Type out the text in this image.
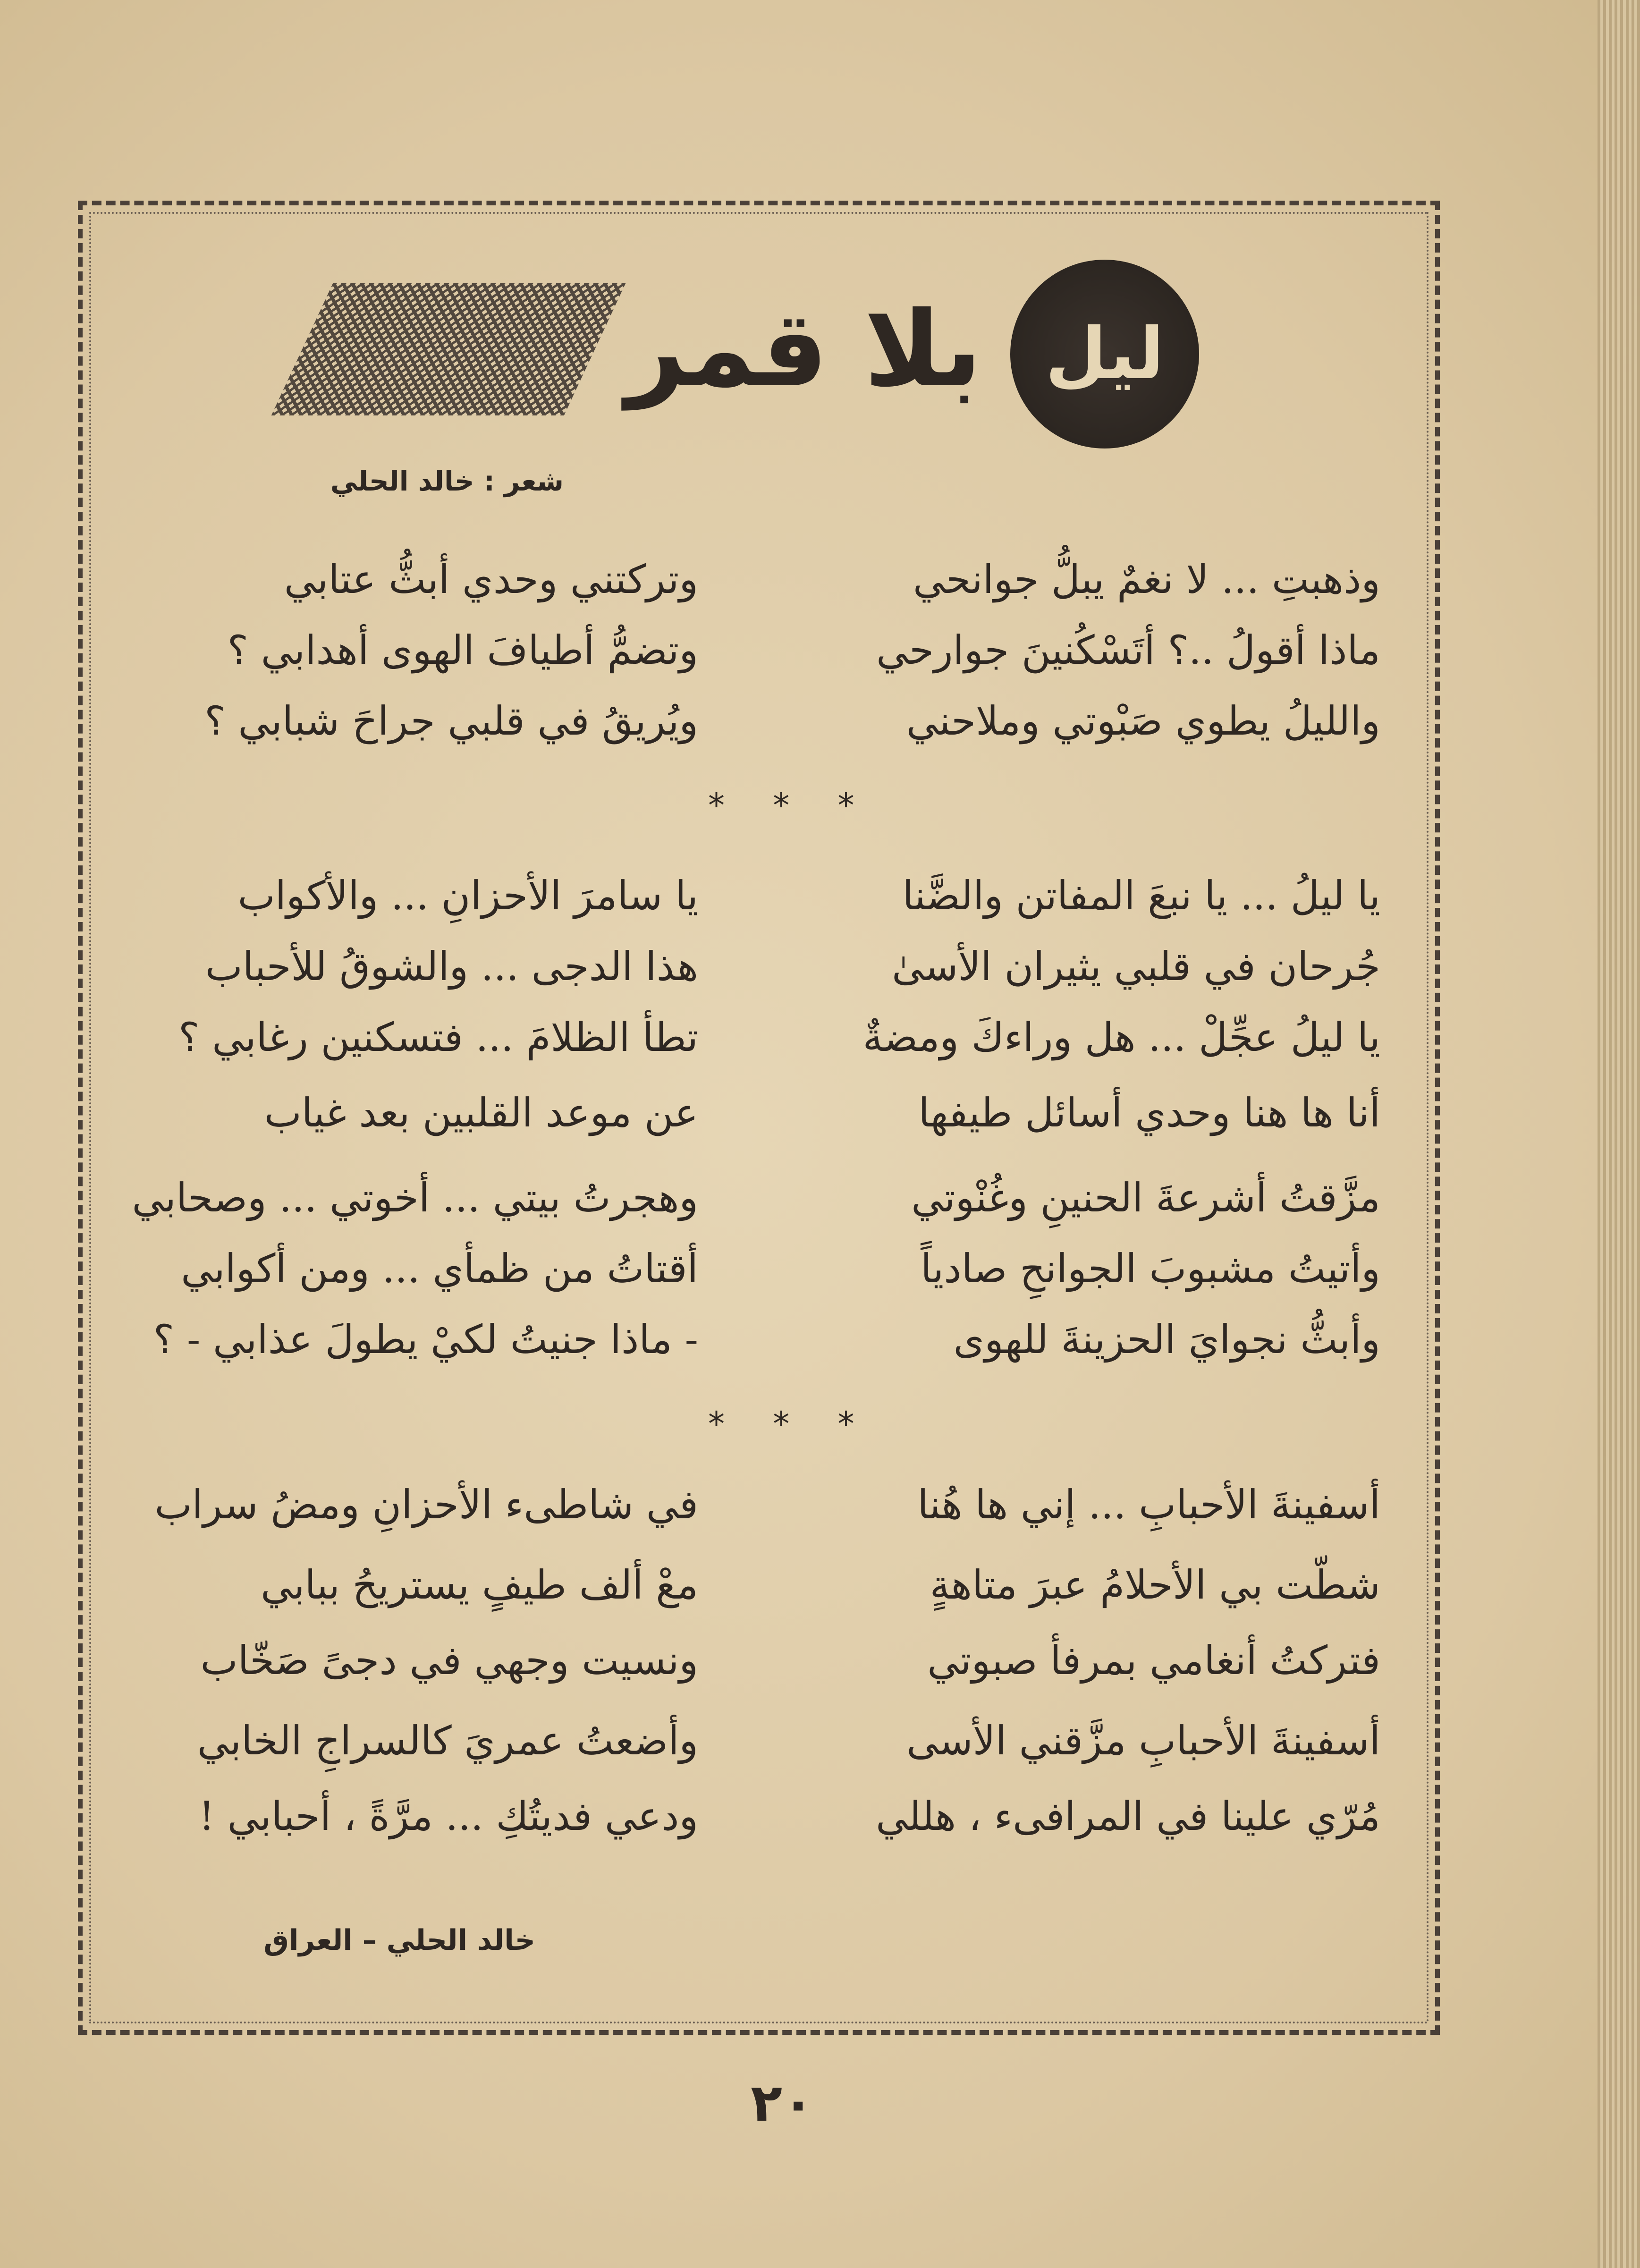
بلا قمر ليل
شعر : خالد الحلي
وذهبتِ ... لا نغمٌ يبلُّ جوانحي
وتركتني وحدي أبثُّ عتابي
ماذا أقولُ ..؟ أتَسْكُنينَ جوارحي
وتضمُّ أطيافَ الهوى أهدابي ؟
والليلُ يطوي صَبْوتي وملاحني
ويُريقُ في قلبي جراحَ شبابي ؟
* * *
يا ليلُ ... يا نبعَ المفاتن والضَّنا
يا سامرَ الأحزانِ ... والأكواب
جُرحان في قلبي يثيران الأسىٰ
هذا الدجى ... والشوقُ للأحباب
يا ليلُ عجِّلْ ... هل وراءكَ ومضةٌ
تطأ الظلامَ ... فتسكنين رغابي ؟
أنا ها هنا وحدي أسائل طيفها
عن موعد القلبين بعد غياب
مزَّقتُ أشرعةَ الحنينِ وغُنْوتي
وهجرتُ بيتي ... أخوتي ... وصحابي
وأتيتُ مشبوبَ الجوانحِ صادياً
أقتاتُ من ظمأي ... ومن أكوابي
وأبثُّ نجوايَ الحزينةَ للهوى
- ماذا جنيتُ لكيْ يطولَ عذابي - ؟
* * *
أسفينةَ الأحبابِ ... إني ها هُنا
في شاطىء الأحزانِ ومضُ سراب
شطّت بي الأحلامُ عبرَ متاهةٍ
معْ ألف طيفٍ يستريحُ ببابي
فتركتُ أنغامي بمرفأ صبوتي
ونسيت وجهي في دجىً صَخّاب
أسفينةَ الأحبابِ مزَّقني الأسى
وأضعتُ عمريَ كالسراجِ الخابي
مُرّي علينا في المرافىء ، هللي
ودعي فديتُكِ ... مرَّةً ، أحبابي !
خالد الحلي – العراق
٢٠
